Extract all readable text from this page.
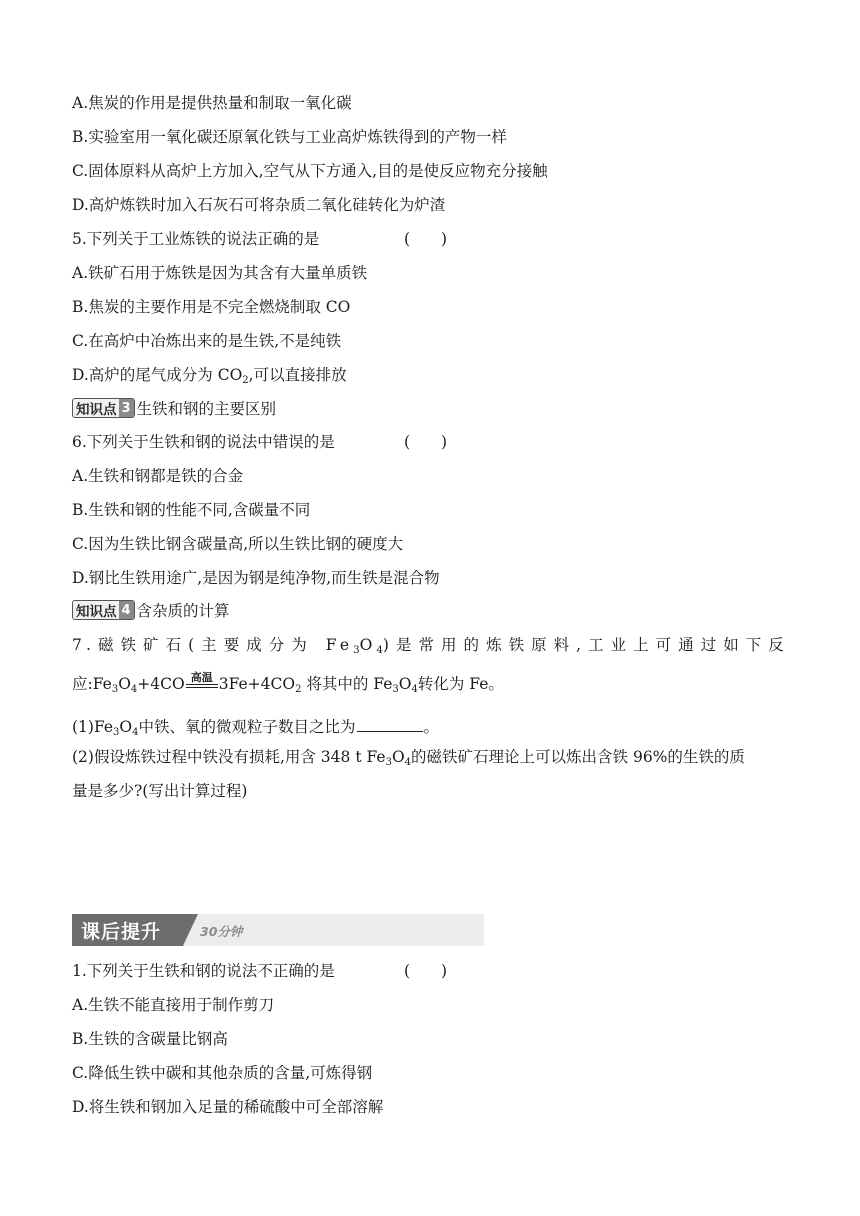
A.焦炭的作用是提供热量和制取一氧化碳
B.实验室用一氧化碳还原氧化铁与工业高炉炼铁得到的产物一样
C.固体原料从高炉上方加入,空气从下方通入,目的是使反应物充分接触
D.高炉炼铁时加入石灰石可将杂质二氧化硅转化为炉渣
5.下列关于工业炼铁的说法正确的是	(　　)
A.铁矿石用于炼铁是因为其含有大量单质铁
B.焦炭的主要作用是不完全燃烧制取 CO
C.在高炉中冶炼出来的是生铁,不是纯铁
D.高炉的尾气成分为 $CO_2$,可以直接排放
知识点 3 生铁和钢的主要区别
6.下列关于生铁和钢的说法中错误的是	(　　)
A.生铁和钢都是铁的合金
B.生铁和钢的性能不同,含碳量不同
C.因为生铁比钢含碳量高,所以生铁比钢的硬度大
D.钢比生铁用途广,是因为钢是纯净物,而生铁是混合物
知识点 4 含杂质的计算
7.磁铁矿石(主要成分为 $Fe_3O_4$)是常用的炼铁原料,工业上可通过如下反
应$:Fe_3O_4+4CO$ 高温 $3Fe+4CO_2$ 将其中的 $Fe_3O_4$转化为 Fe。
$(1)Fe_3O_4$中铁、氧的微观粒子数目之比为	。
(2)假设炼铁过程中铁没有损耗,用含 348 t $Fe_3O_4$的磁铁矿石理论上可以炼出含铁 96%的生铁的质
量是多少?(写出计算过程)
课后提升	30分钟
1.下列关于生铁和钢的说法不正确的是	(　　)
A.生铁不能直接用于制作剪刀
B.生铁的含碳量比钢高
C.降低生铁中碳和其他杂质的含量,可炼得钢
D.将生铁和钢加入足量的稀硫酸中可全部溶解
